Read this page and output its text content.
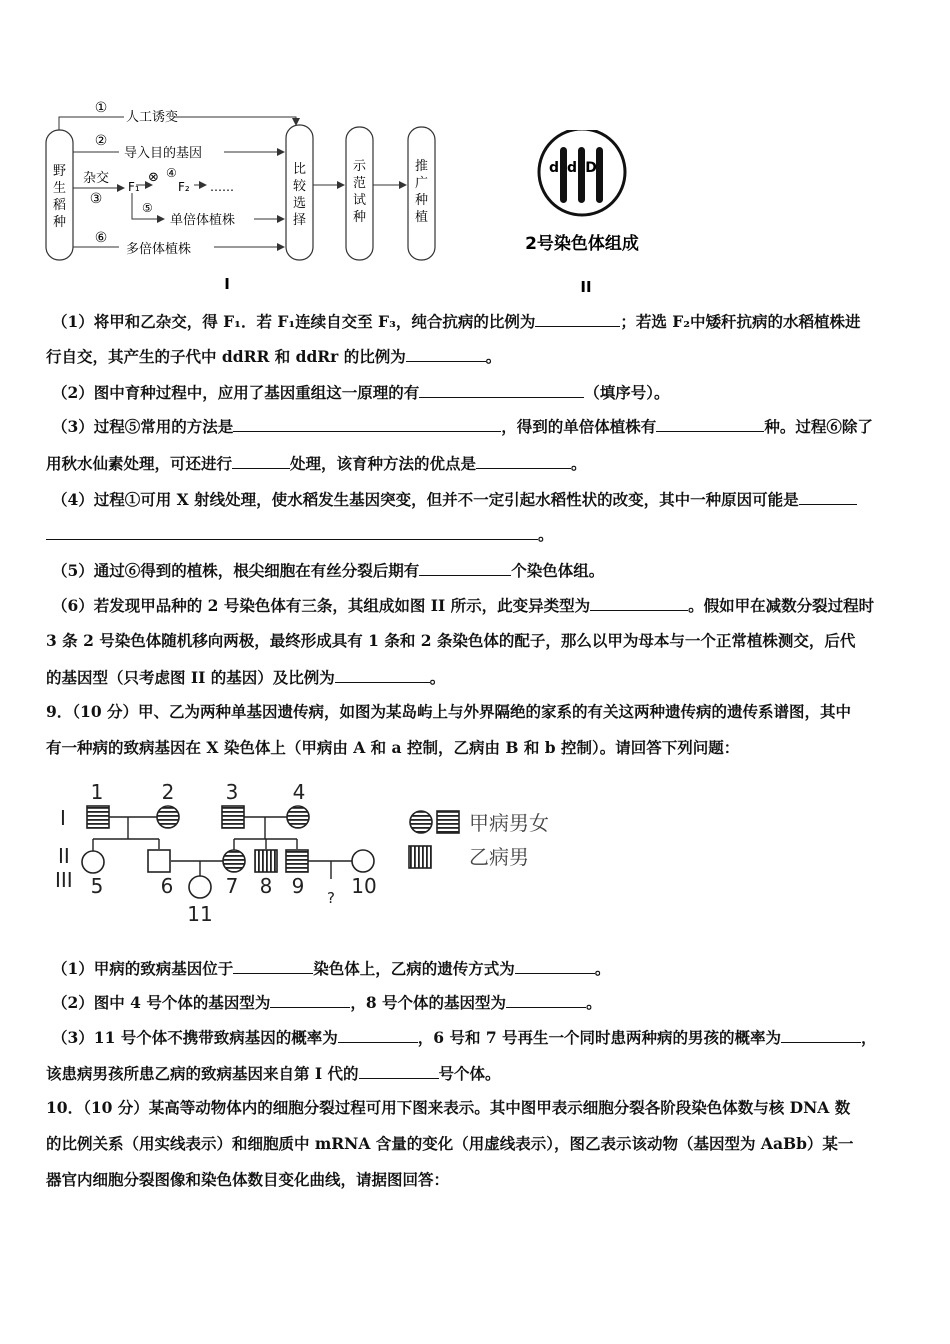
野
生
稻
种
①
人工诱变
②
导入目的基因
杂交
③
F₁
⊗ ④
F₂ ……
⑤
单倍体植株
⑥
多倍体植株
比
较
选
择
示
范
试
种
推
广
种
植
I
d d D
2号染色体组成
II
（1）将甲和乙杂交，得 F₁．若 F₁连续自交至 F₃，纯合抗病的比例为	；若选 F₂中矮秆抗病的水稻植株进
行自交，其产生的子代中 ddRR 和 ddRr 的比例为	。
（2）图中育种过程中，应用了基因重组这一原理的有	（填序号）。
（3）过程⑤常用的方法是	，得到的单倍体植株有	种。过程⑥除了
用秋水仙素处理，可还进行	处理，该育种方法的优点是	。
（4）过程①可用 X 射线处理，使水稻发生基因突变，但并不一定引起水稻性状的改变，其中一种原因可能是
。
（5）通过⑥得到的植株，根尖细胞在有丝分裂后期有	个染色体组。
（6）若发现甲品种的 2 号染色体有三条，其组成如图 II 所示，此变异类型为	。假如甲在减数分裂过程时
3 条 2 号染色体随机移向两极，最终形成具有 1 条和 2 条染色体的配子，那么以甲为母本与一个正常植株测交，后代
的基因型（只考虑图 II 的基因）及比例为	。
9．（10 分）甲、乙为两种单基因遗传病，如图为某岛屿上与外界隔绝的家系的有关这两种遗传病的遗传系谱图，其中
有一种病的致病基因在 X 染色体上（甲病由 A 和 a 控制，乙病由 B 和 b 控制）。请回答下列问题：
I
II
III
1	2	3	4
5	6	7 8 9 10
11
?
甲病男女
乙病男
（1）甲病的致病基因位于	染色体上，乙病的遗传方式为	。
（2）图中 4 号个体的基因型为	，8 号个体的基因型为	。
（3）11 号个体不携带致病基因的概率为	，6 号和 7 号再生一个同时患两种病的男孩的概率为	，
该患病男孩所患乙病的致病基因来自第 I 代的	号个体。
10．（10 分）某高等动物体内的细胞分裂过程可用下图来表示。其中图甲表示细胞分裂各阶段染色体数与核 DNA 数
的比例关系（用实线表示）和细胞质中 mRNA 含量的变化（用虚线表示），图乙表示该动物（基因型为 AaBb）某一
器官内细胞分裂图像和染色体数目变化曲线，请据图回答：
